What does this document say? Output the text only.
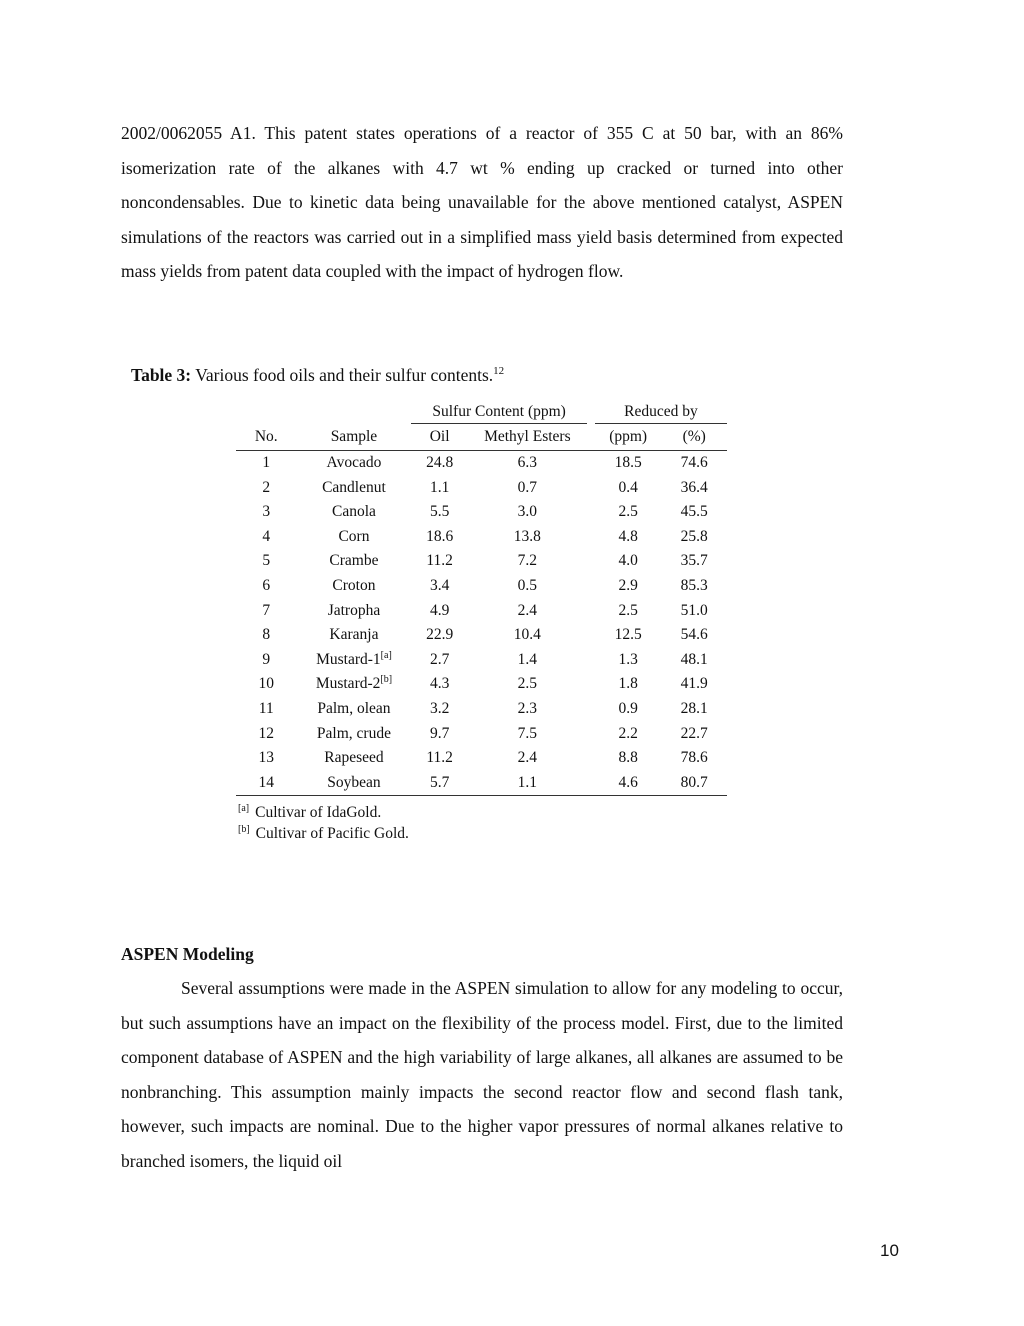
2002/0062055 A1. This patent states operations of a reactor of 355 C at 50 bar, with an 86% isomerization rate of the alkanes with 4.7 wt % ending up cracked or turned into other noncondensables. Due to kinetic data being unavailable for the above mentioned catalyst, ASPEN simulations of the reactors was carried out in a simplified mass yield basis determined from expected mass yields from patent data coupled with the impact of hydrogen flow.

Table 3: Various food oils and their sulfur contents.$^{12}$
		Sulfur Content (ppm)			Reduced by	
No.	Sample	Oil	Methyl Esters		(ppm)	(%)
1	Avocado	24.8	6.3		18.5	74.6
2	Candlenut	1.1	0.7		0.4	36.4
3	Canola	5.5	3.0		2.5	45.5
4	Corn	18.6	13.8		4.8	25.8
5	Crambe	11.2	7.2		4.0	35.7
6	Croton	3.4	0.5		2.9	85.3
7	Jatropha	4.9	2.4		2.5	51.0
8	Karanja	22.9	10.4		12.5	54.6
9	Mustard-1[a]	2.7	1.4		1.3	48.1
10	Mustard-2[b]	4.3	2.5		1.8	41.9
11	Palm, olean	3.2	2.3		0.9	28.1
12	Palm, crude	9.7	7.5		2.2	22.7
13	Rapeseed	11.2	2.4		8.8	78.6
14	Soybean	5.7	1.1		4.6	80.7
[a] Cultivar of IdaGold.
[b] Cultivar of Pacific Gold.
ASPEN Modeling

Several assumptions were made in the ASPEN simulation to allow for any modeling to occur, but such assumptions have an impact on the flexibility of the process model. First, due to the limited component database of ASPEN and the high variability of large alkanes, all alkanes are assumed to be nonbranching. This assumption mainly impacts the second reactor flow and second flash tank, however, such impacts are nominal. Due to the higher vapor pressures of normal alkanes relative to branched isomers, the liquid oil

10
